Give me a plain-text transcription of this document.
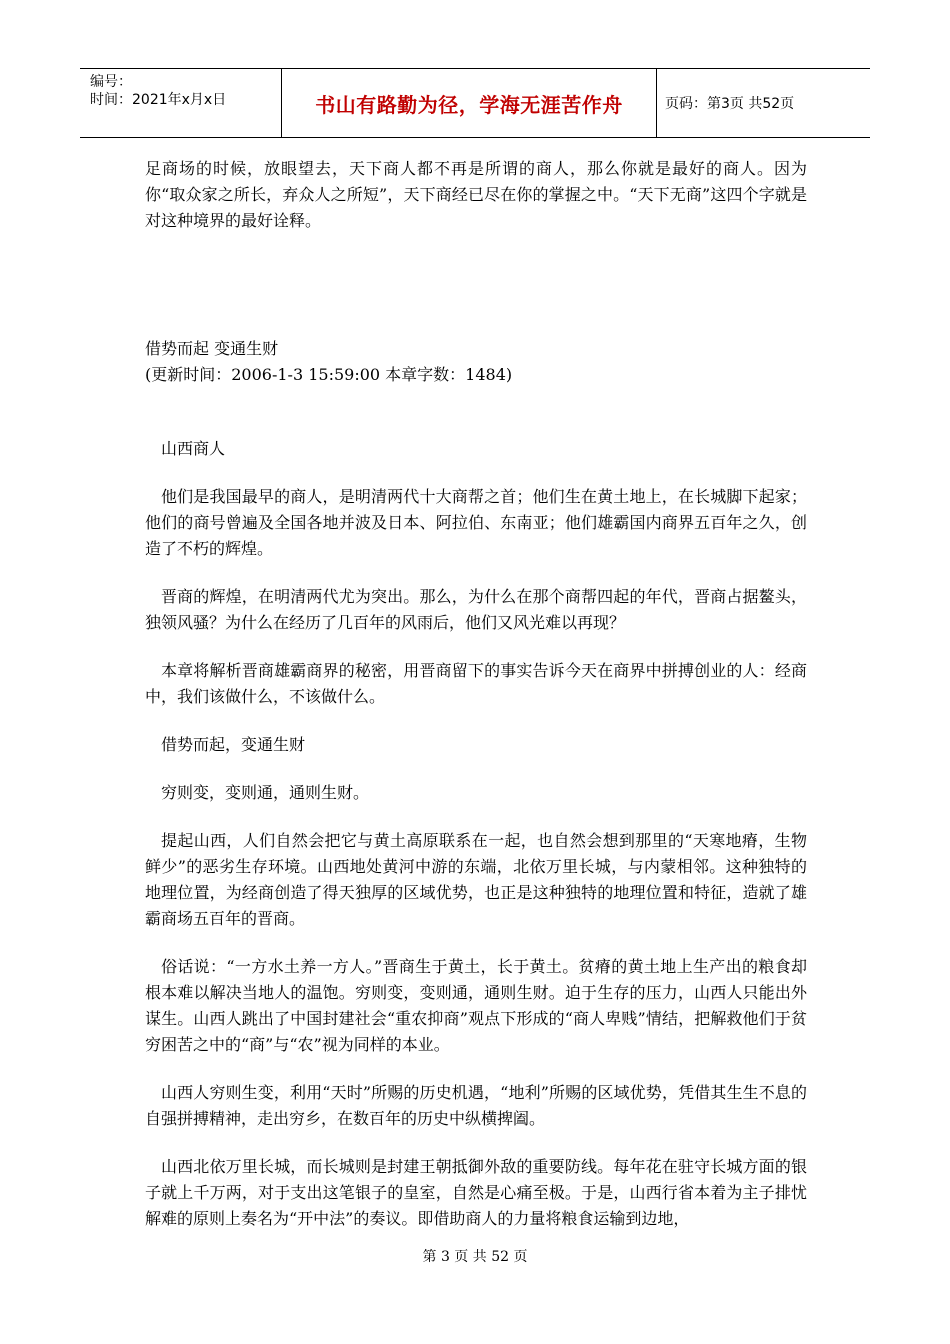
编号：
时间：2021年x月x日	书山有路勤为径，学海无涯苦作舟	页码：第3页 共52页

足商场的时候，放眼望去，天下商人都不再是所谓的商人，那么你就是最好的商人。因为你“取众家之所长，弃众人之所短”，天下商经已尽在你的掌握之中。“天下无商”这四个字就是对这种境界的最好诠释。

借势而起 变通生财

(更新时间：2006-1-3 15:59:00 本章字数：1484)

山西商人

他们是我国最早的商人，是明清两代十大商帮之首；他们生在黄土地上，在长城脚下起家；他们的商号曾遍及全国各地并波及日本、阿拉伯、东南亚；他们雄霸国内商界五百年之久，创造了不朽的辉煌。

晋商的辉煌，在明清两代尤为突出。那么，为什么在那个商帮四起的年代，晋商占据鳌头，独领风骚？为什么在经历了几百年的风雨后，他们又风光难以再现？

本章将解析晋商雄霸商界的秘密，用晋商留下的事实告诉今天在商界中拼搏创业的人：经商中，我们该做什么，不该做什么。

借势而起，变通生财

穷则变，变则通，通则生财。

提起山西，人们自然会把它与黄土高原联系在一起，也自然会想到那里的“天寒地瘠，生物鲜少”的恶劣生存环境。山西地处黄河中游的东端，北依万里长城，与内蒙相邻。这种独特的地理位置，为经商创造了得天独厚的区域优势，也正是这种独特的地理位置和特征，造就了雄霸商场五百年的晋商。

俗话说：“一方水土养一方人。”晋商生于黄土，长于黄土。贫瘠的黄土地上生产出的粮食却根本难以解决当地人的温饱。穷则变，变则通，通则生财。迫于生存的压力，山西人只能出外谋生。山西人跳出了中国封建社会“重农抑商”观点下形成的“商人卑贱”情结，把解救他们于贫穷困苦之中的“商”与“农”视为同样的本业。

山西人穷则生变，利用“天时”所赐的历史机遇，“地利”所赐的区域优势，凭借其生生不息的自强拼搏精神，走出穷乡，在数百年的历史中纵横捭阖。

山西北依万里长城，而长城则是封建王朝抵御外敌的重要防线。每年花在驻守长城方面的银子就上千万两，对于支出这笔银子的皇室，自然是心痛至极。于是，山西行省本着为主子排忧解难的原则上奏名为“开中法”的奏议。即借助商人的力量将粮食运输到边地，

第 3 页 共 52 页
